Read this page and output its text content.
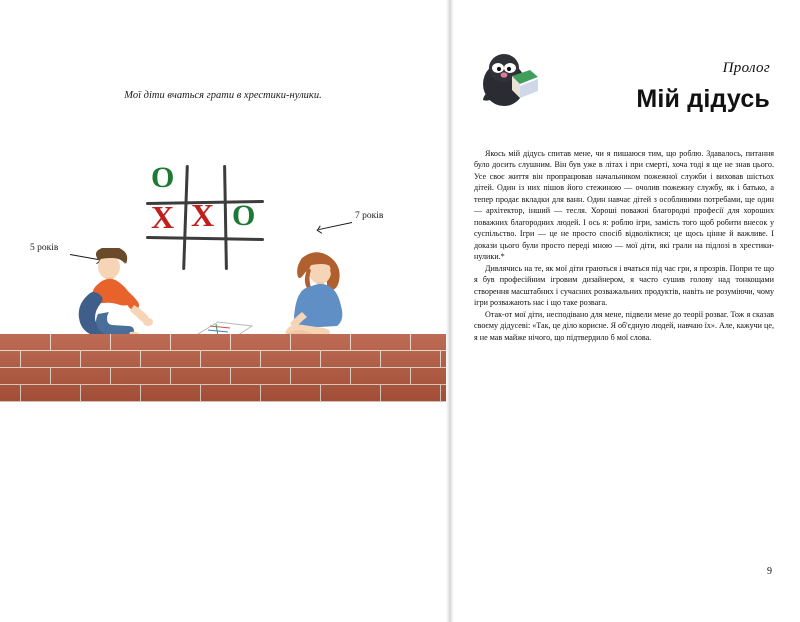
Мої діти вчаться грати в хрестики-нулики.
O
X X O
5 років
7 років
Пролог
Мій дідусь

Якось мій дідусь спитав мене, чи я пишаюся тим, що роблю. Здавалось, питання було досить слушним. Він був уже в літах і при смерті, хоча тоді я ще не знав цього. Усе своє життя він пропрацював начальником пожежної служби і виховав шістьох дітей. Один із них пішов його стежиною — очолив пожежну службу, як і батько, а тепер продає вкладки для ванн. Один навчає дітей з особливими потребами, ще один — архітектор, інший — тесля. Хороші поважні благородні професії для хороших поважних благородних людей. І ось я: роблю ігри, замість того щоб робити внесок у суспільство. Ігри — це не просто спосіб відволіктися; це щось цінне й важливе. І докази цього були просто переді мною — мої діти, які грали на підлозі в хрестики-нулики.*

Дивлячись на те, як мої діти граються і вчаться під час гри, я прозрів. Попри те що я був професійним ігровим дизайнером, я часто сушив голову над тонкощами створення масштабних і сучасних розважальних продуктів, навіть не розуміючи, чому ігри розважають нас і що таке розвага.

Отак-от мої діти, несподівано для мене, підвели мене до теорії розваг. Тож я сказав своєму дідусеві: «Так, це діло корисне. Я об'єдную людей, навчаю їх». Але, кажучи це, я не мав майже нічого, що підтвердило б мої слова.

9
